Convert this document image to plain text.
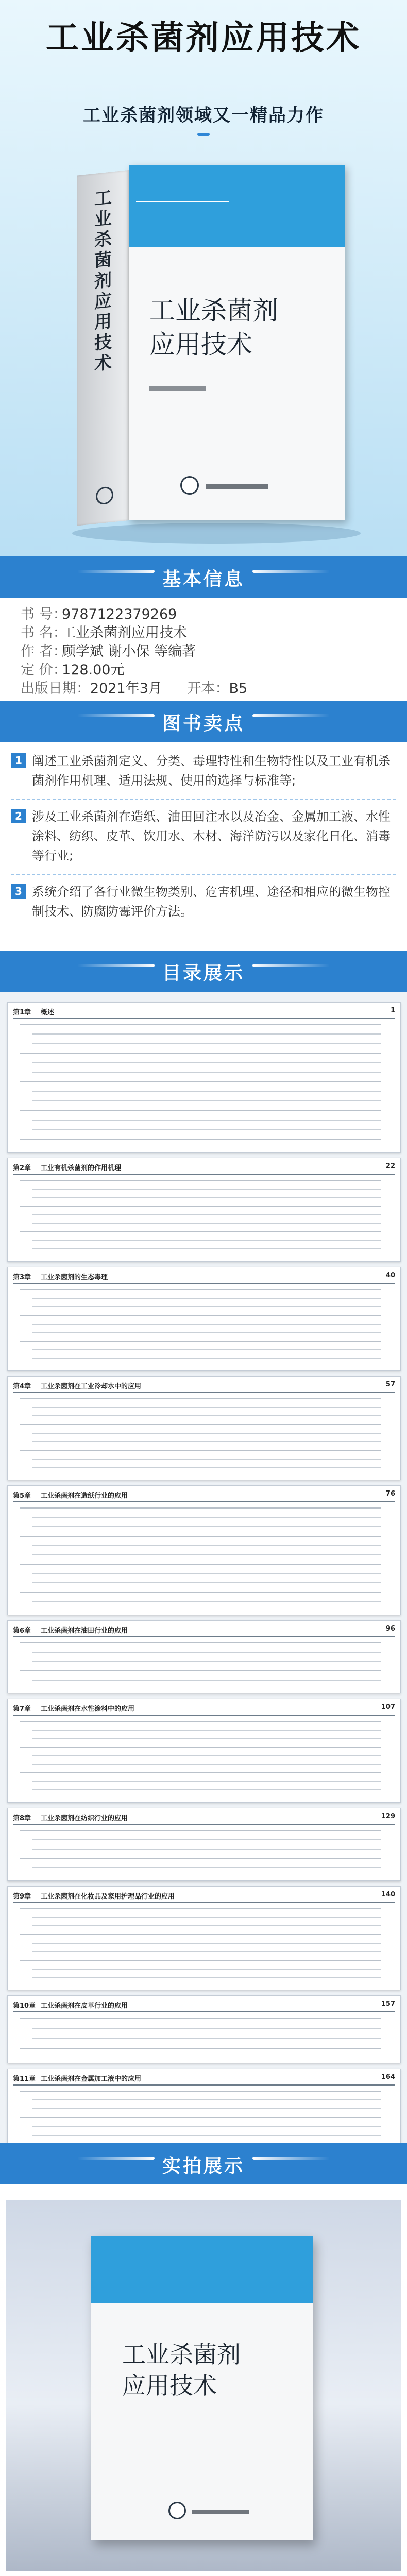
工业杀菌剂应用技术
工业杀菌剂领域又一精品力作
工业杀菌剂应用技术
工业杀菌剂
应用技术
基本信息
书 号：9787122379269
书 名：工业杀菌剂应用技术
作 者：顾学斌 谢小保 等编著
定 价：128.00元
出版日期：2021年3月 开本：B5
图书卖点
1 阐述工业杀菌剂定义、分类、毒理特性和生物特性以及工业有机杀菌剂作用机理、适用法规、使用的选择与标准等;
2 涉及工业杀菌剂在造纸、油田回注水以及冶金、金属加工液、水性涂料、纺织、皮革、饮用水、木材、海洋防污以及家化日化、消毒等行业;
3 系统介绍了各行业微生物类别、危害机理、途径和相应的微生物控制技术、防腐防霉评价方法。
目录展示
第1章 概述	1
第2章 工业有机杀菌剂的作用机理	22
第3章 工业杀菌剂的生态毒理	40
第4章 工业杀菌剂在工业冷却水中的应用	57
第5章 工业杀菌剂在造纸行业的应用	76
第6章 工业杀菌剂在油田行业的应用	96
第7章 工业杀菌剂在水性涂料中的应用	107
第8章 工业杀菌剂在纺织行业的应用	129
第9章 工业杀菌剂在化妆品及家用护理品行业的应用	140
第10章 工业杀菌剂在皮革行业的应用	157
第11章 工业杀菌剂在金属加工液中的应用	164
实拍展示
工业杀菌剂
应用技术
